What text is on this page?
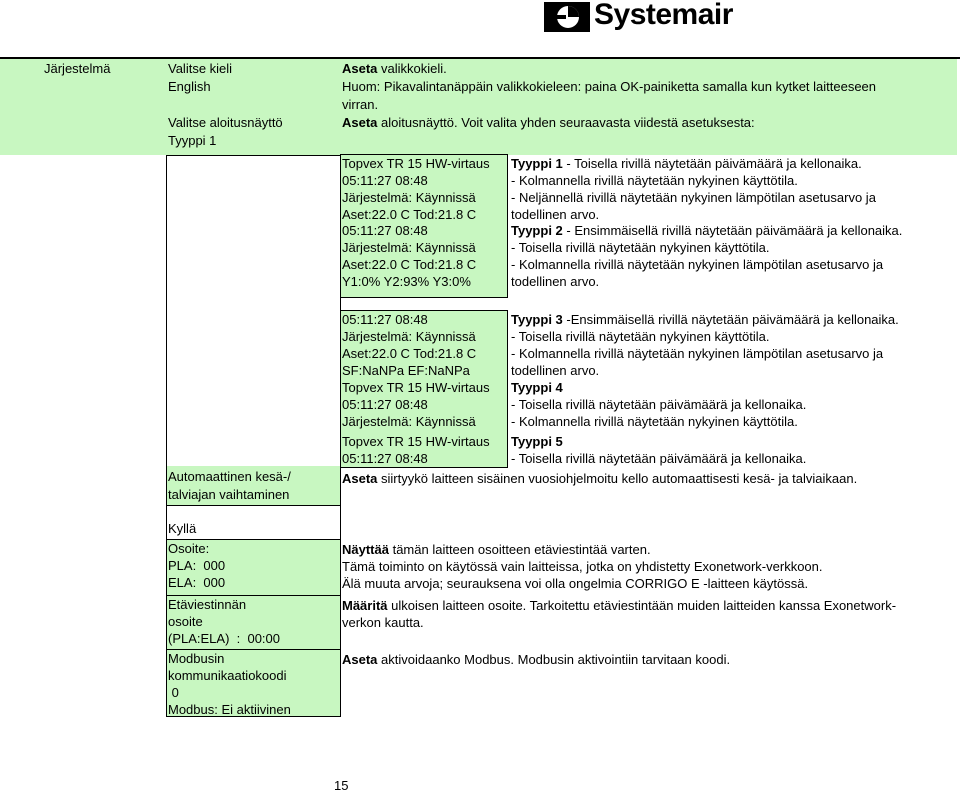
Systemair
Järjestelmä	Valitse kieli
English
Valitse aloitusnäyttö
Tyyppi 1
Aseta valikkokieli.
Huom: Pikavalintanäppäin valikkokieleen: paina OK-painiketta samalla kun kytket laitteeseen
virran.
Aseta aloitusnäyttö. Voit valita yhden seuraavasta viidestä asetuksesta:
Topvex TR 15 HW-virtaus
05:11:27 08:48
Järjestelmä: Käynnissä
Aset:22.0 C Tod:21.8 C
05:11:27 08:48
Järjestelmä: Käynnissä
Aset:22.0 C Tod:21.8 C
Y1:0% Y2:93% Y3:0%
05:11:27 08:48
Järjestelmä: Käynnissä
Aset:22.0 C Tod:21.8 C
SF:NaNPa EF:NaNPa
Topvex TR 15 HW-virtaus
05:11:27 08:48
Järjestelmä: Käynnissä
Topvex TR 15 HW-virtaus
05:11:27 08:48
Tyyppi 1 - Toisella rivillä näytetään päivämäärä ja kellonaika.
- Kolmannella rivillä näytetään nykyinen käyttötila.
- Neljännellä rivillä näytetään nykyinen lämpötilan asetusarvo ja
todellinen arvo.
Tyyppi 2 - Ensimmäisellä rivillä näytetään päivämäärä ja kellonaika.
- Toisella rivillä näytetään nykyinen käyttötila.
- Kolmannella rivillä näytetään nykyinen lämpötilan asetusarvo ja
todellinen arvo.
Tyyppi 3 -Ensimmäisellä rivillä näytetään päivämäärä ja kellonaika.
- Toisella rivillä näytetään nykyinen käyttötila.
- Kolmannella rivillä näytetään nykyinen lämpötilan asetusarvo ja
todellinen arvo.
Tyyppi 4
- Toisella rivillä näytetään päivämäärä ja kellonaika.
- Kolmannella rivillä näytetään nykyinen käyttötila.
Tyyppi 5
- Toisella rivillä näytetään päivämäärä ja kellonaika.
Automaattinen kesä-/
talviajan vaihtaminen
Aseta siirtyykö laitteen sisäinen vuosiohjelmoitu kello automaattisesti kesä- ja talviaikaan.
Kyllä
Osoite:
PLA:  000
ELA:  000
Näyttää tämän laitteen osoitteen etäviestintää varten.
Tämä toiminto on käytössä vain laitteissa, jotka on yhdistetty Exonetwork-verkkoon.
Älä muuta arvoja; seurauksena voi olla ongelmia CORRIGO E -laitteen käytössä.
Etäviestinnän
osoite
(PLA:ELA)  :  00:00
Määritä ulkoisen laitteen osoite. Tarkoitettu etäviestintään muiden laitteiden kanssa Exonetwork-
verkon kautta.
Modbusin
kommunikaatiokoodi
0
Modbus: Ei aktiivinen
Aseta aktivoidaanko Modbus. Modbusin aktivointiin tarvitaan koodi.
15
